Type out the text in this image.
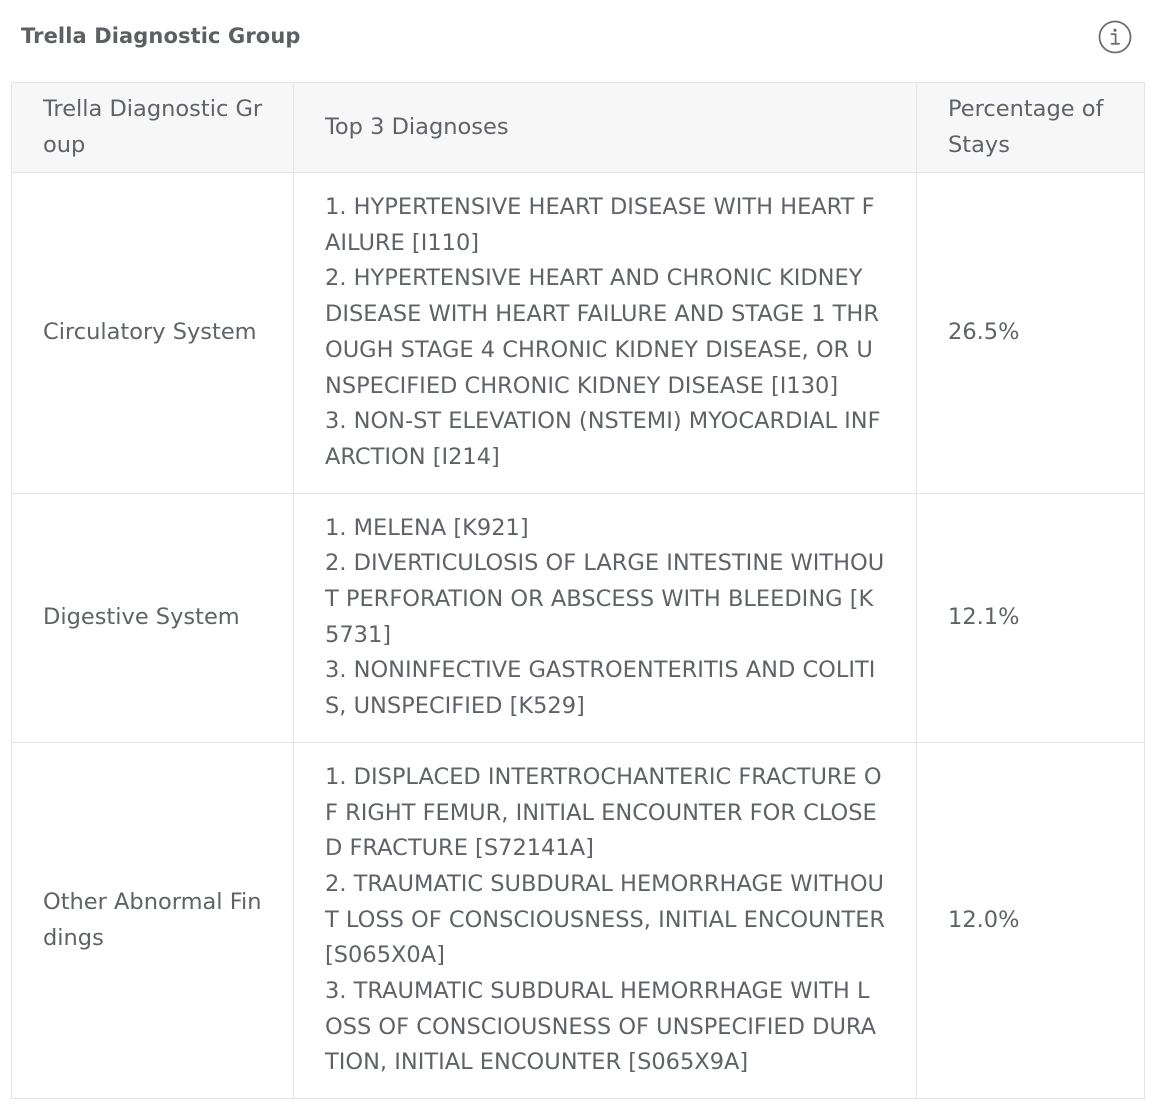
Trella Diagnostic Group
Trella Diagnostic Group	Top 3 Diagnoses	Percentage of Stays
Circulatory System	1. HYPERTENSIVE HEART DISEASE WITH HEART FAILURE [I110]
2. HYPERTENSIVE HEART AND CHRONIC KIDNEY DISEASE WITH HEART FAILURE AND STAGE 1 THROUGH STAGE 4 CHRONIC KIDNEY DISEASE, OR UNSPECIFIED CHRONIC KIDNEY DISEASE [I130]
3. NON-ST ELEVATION (NSTEMI) MYOCARDIAL INFARCTION [I214]	26.5%
Digestive System	1. MELENA [K921]
2. DIVERTICULOSIS OF LARGE INTESTINE WITHOUT PERFORATION OR ABSCESS WITH BLEEDING [K5731]
3. NONINFECTIVE GASTROENTERITIS AND COLITIS, UNSPECIFIED [K529]	12.1%
Other Abnormal Findings	1. DISPLACED INTERTROCHANTERIC FRACTURE OF RIGHT FEMUR, INITIAL ENCOUNTER FOR CLOSED FRACTURE [S72141A]
2. TRAUMATIC SUBDURAL HEMORRHAGE WITHOUT LOSS OF CONSCIOUSNESS, INITIAL ENCOUNTER [S065X0A]
3. TRAUMATIC SUBDURAL HEMORRHAGE WITH LOSS OF CONSCIOUSNESS OF UNSPECIFIED DURATION, INITIAL ENCOUNTER [S065X9A]	12.0%
